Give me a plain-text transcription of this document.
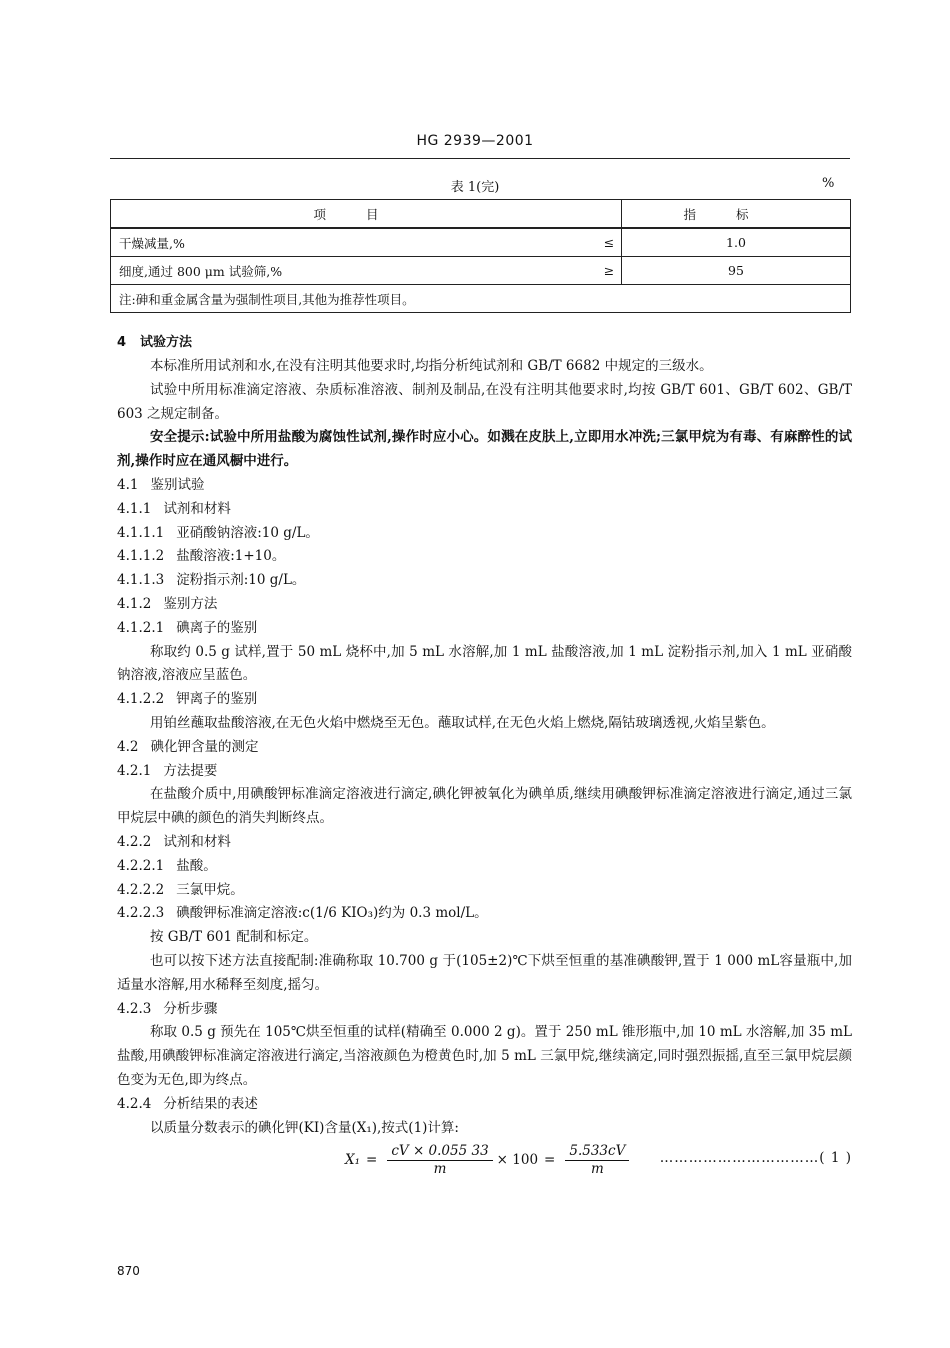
HG 2939—2001
表 1(完)	%
项目		指标
干燥减量,%	≤	1.0
细度,通过 800 μm 试验筛,%	≥	95
注:砷和重金属含量为强制性项目,其他为推荐性项目。		

4 试验方法

本标准所用试剂和水,在没有注明其他要求时,均指分析纯试剂和 GB/T 6682 中规定的三级水。

试验中所用标准滴定溶液、杂质标准溶液、制剂及制品,在没有注明其他要求时,均按 GB/T 601、GB/T 602、GB/T 603 之规定制备。

安全提示:试验中所用盐酸为腐蚀性试剂,操作时应小心。如溅在皮肤上,立即用水冲洗;三氯甲烷为有毒、有麻醉性的试剂,操作时应在通风橱中进行。

4.1 鉴别试验

4.1.1 试剂和材料

4.1.1.1 亚硝酸钠溶液:10 g/L。

4.1.1.2 盐酸溶液:1+10。

4.1.1.3 淀粉指示剂:10 g/L。

4.1.2 鉴别方法

4.1.2.1 碘离子的鉴别

称取约 0.5 g 试样,置于 50 mL 烧杯中,加 5 mL 水溶解,加 1 mL 盐酸溶液,加 1 mL 淀粉指示剂,加入 1 mL 亚硝酸钠溶液,溶液应呈蓝色。

4.1.2.2 钾离子的鉴别

用铂丝蘸取盐酸溶液,在无色火焰中燃烧至无色。蘸取试样,在无色火焰上燃烧,隔钴玻璃透视,火焰呈紫色。

4.2 碘化钾含量的测定

4.2.1 方法提要

在盐酸介质中,用碘酸钾标准滴定溶液进行滴定,碘化钾被氧化为碘单质,继续用碘酸钾标准滴定溶液进行滴定,通过三氯甲烷层中碘的颜色的消失判断终点。

4.2.2 试剂和材料

4.2.2.1 盐酸。

4.2.2.2 三氯甲烷。

4.2.2.3 碘酸钾标准滴定溶液:c(1/6 KIO₃)约为 0.3 mol/L。

按 GB/T 601 配制和标定。

也可以按下述方法直接配制:准确称取 10.700 g 于(105±2)℃下烘至恒重的基准碘酸钾,置于 1 000 mL容量瓶中,加适量水溶解,用水稀释至刻度,摇匀。

4.2.3 分析步骤

称取 0.5 g 预先在 105℃烘至恒重的试样(精确至 0.000 2 g)。置于 250 mL 锥形瓶中,加 10 mL 水溶解,加 35 mL 盐酸,用碘酸钾标准滴定溶液进行滴定,当溶液颜色为橙黄色时,加 5 mL 三氯甲烷,继续滴定,同时强烈振摇,直至三氯甲烷层颜色变为无色,即为终点。

4.2.4 分析结果的表述

以质量分数表示的碘化钾(KI)含量(X₁),按式(1)计算:

$X_1 = \frac{cV \times 0.055 33}{m} \times 100 = \frac{5.533cV}{m}$ ……………………………( 1 )
870
